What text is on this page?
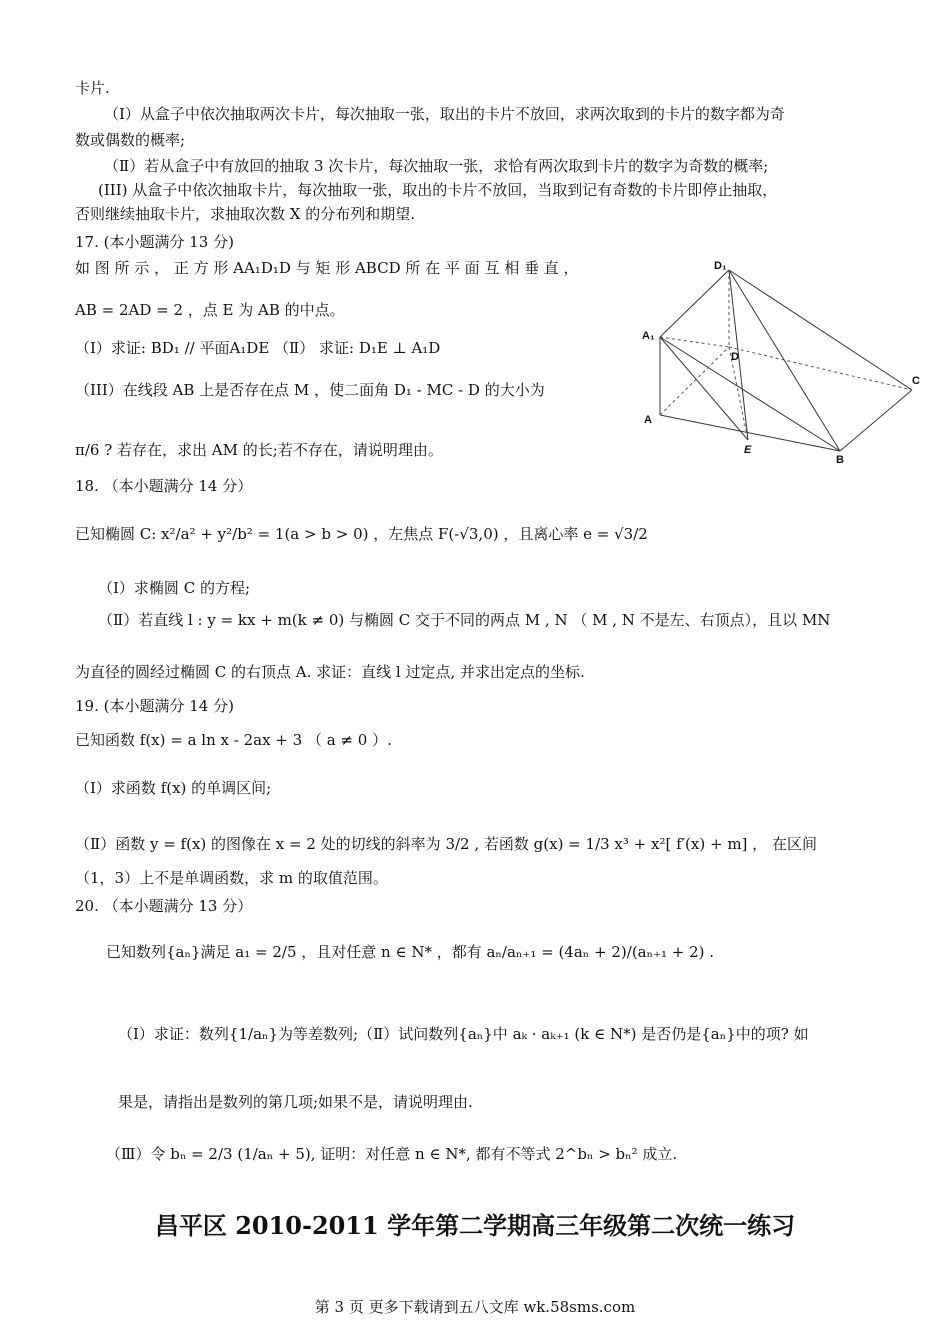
卡片.
（Ⅰ）从盒子中依次抽取两次卡片，每次抽取一张，取出的卡片不放回，求两次取到的卡片的数字都为奇
数或偶数的概率;
（Ⅱ）若从盒子中有放回的抽取 3 次卡片，每次抽取一张，求恰有两次取到卡片的数字为奇数的概率;
(III) 从盒子中依次抽取卡片，每次抽取一张，取出的卡片不放回，当取到记有奇数的卡片即停止抽取，
否则继续抽取卡片，求抽取次数 X 的分布列和期望.
17. (本小题满分 13 分)
如 图 所 示 ， 正 方 形 AA₁D₁D 与 矩 形 ABCD 所 在 平 面 互 相 垂 直 ，
AB = 2AD = 2 ，点 E 为 AB 的中点。
（Ⅰ）求证: BD₁ // 平面A₁DE （Ⅱ） 求证: D₁E ⊥ A₁D
（III）在线段 AB 上是否存在点 M ，使二面角 D₁ - MC - D 的大小为
π/6 ? 若存在，求出 AM 的长;若不存在，请说明理由。
D₁
A₁
D
C
A
E
B
18. （本小题满分 14 分）
已知椭圆 C: x²/a² + y²/b² = 1(a > b > 0) ，左焦点 F(-√3,0) ，且离心率 e = √3/2
（Ⅰ）求椭圆 C 的方程;
（Ⅱ）若直线 l : y = kx + m(k ≠ 0) 与椭圆 C 交于不同的两点 M , N （ M , N 不是左、右顶点），且以 MN
为直径的圆经过椭圆 C 的右顶点 A. 求证：直线 l 过定点, 并求出定点的坐标.
19. (本小题满分 14 分)
已知函数 f(x) = a ln x - 2ax + 3 （ a ≠ 0 ）.
（Ⅰ）求函数 f(x) 的单调区间;
（Ⅱ）函数 y = f(x) 的图像在 x = 2 处的切线的斜率为 3/2 , 若函数 g(x) = 1/3 x³ + x²[ f′(x) + m] ， 在区间
（1，3）上不是单调函数，求 m 的取值范围。
20. （本小题满分 13 分）
已知数列{aₙ}满足 a₁ = 2/5 ，且对任意 n ∈ N* ，都有 aₙ/aₙ₊₁ = (4aₙ + 2)/(aₙ₊₁ + 2) .
（Ⅰ）求证：数列{1/aₙ}为等差数列;（Ⅱ）试问数列{aₙ}中 aₖ · aₖ₊₁ (k ∈ N*) 是否仍是{aₙ}中的项? 如
果是，请指出是数列的第几项;如果不是，请说明理由.
（Ⅲ）令 bₙ = 2/3 (1/aₙ + 5), 证明：对任意 n ∈ N*, 都有不等式 2^bₙ > bₙ² 成立.
昌平区 2010-2011 学年第二学期高三年级第二次统一练习
第 3 页 更多下载请到五八文库 wk.58sms.com
